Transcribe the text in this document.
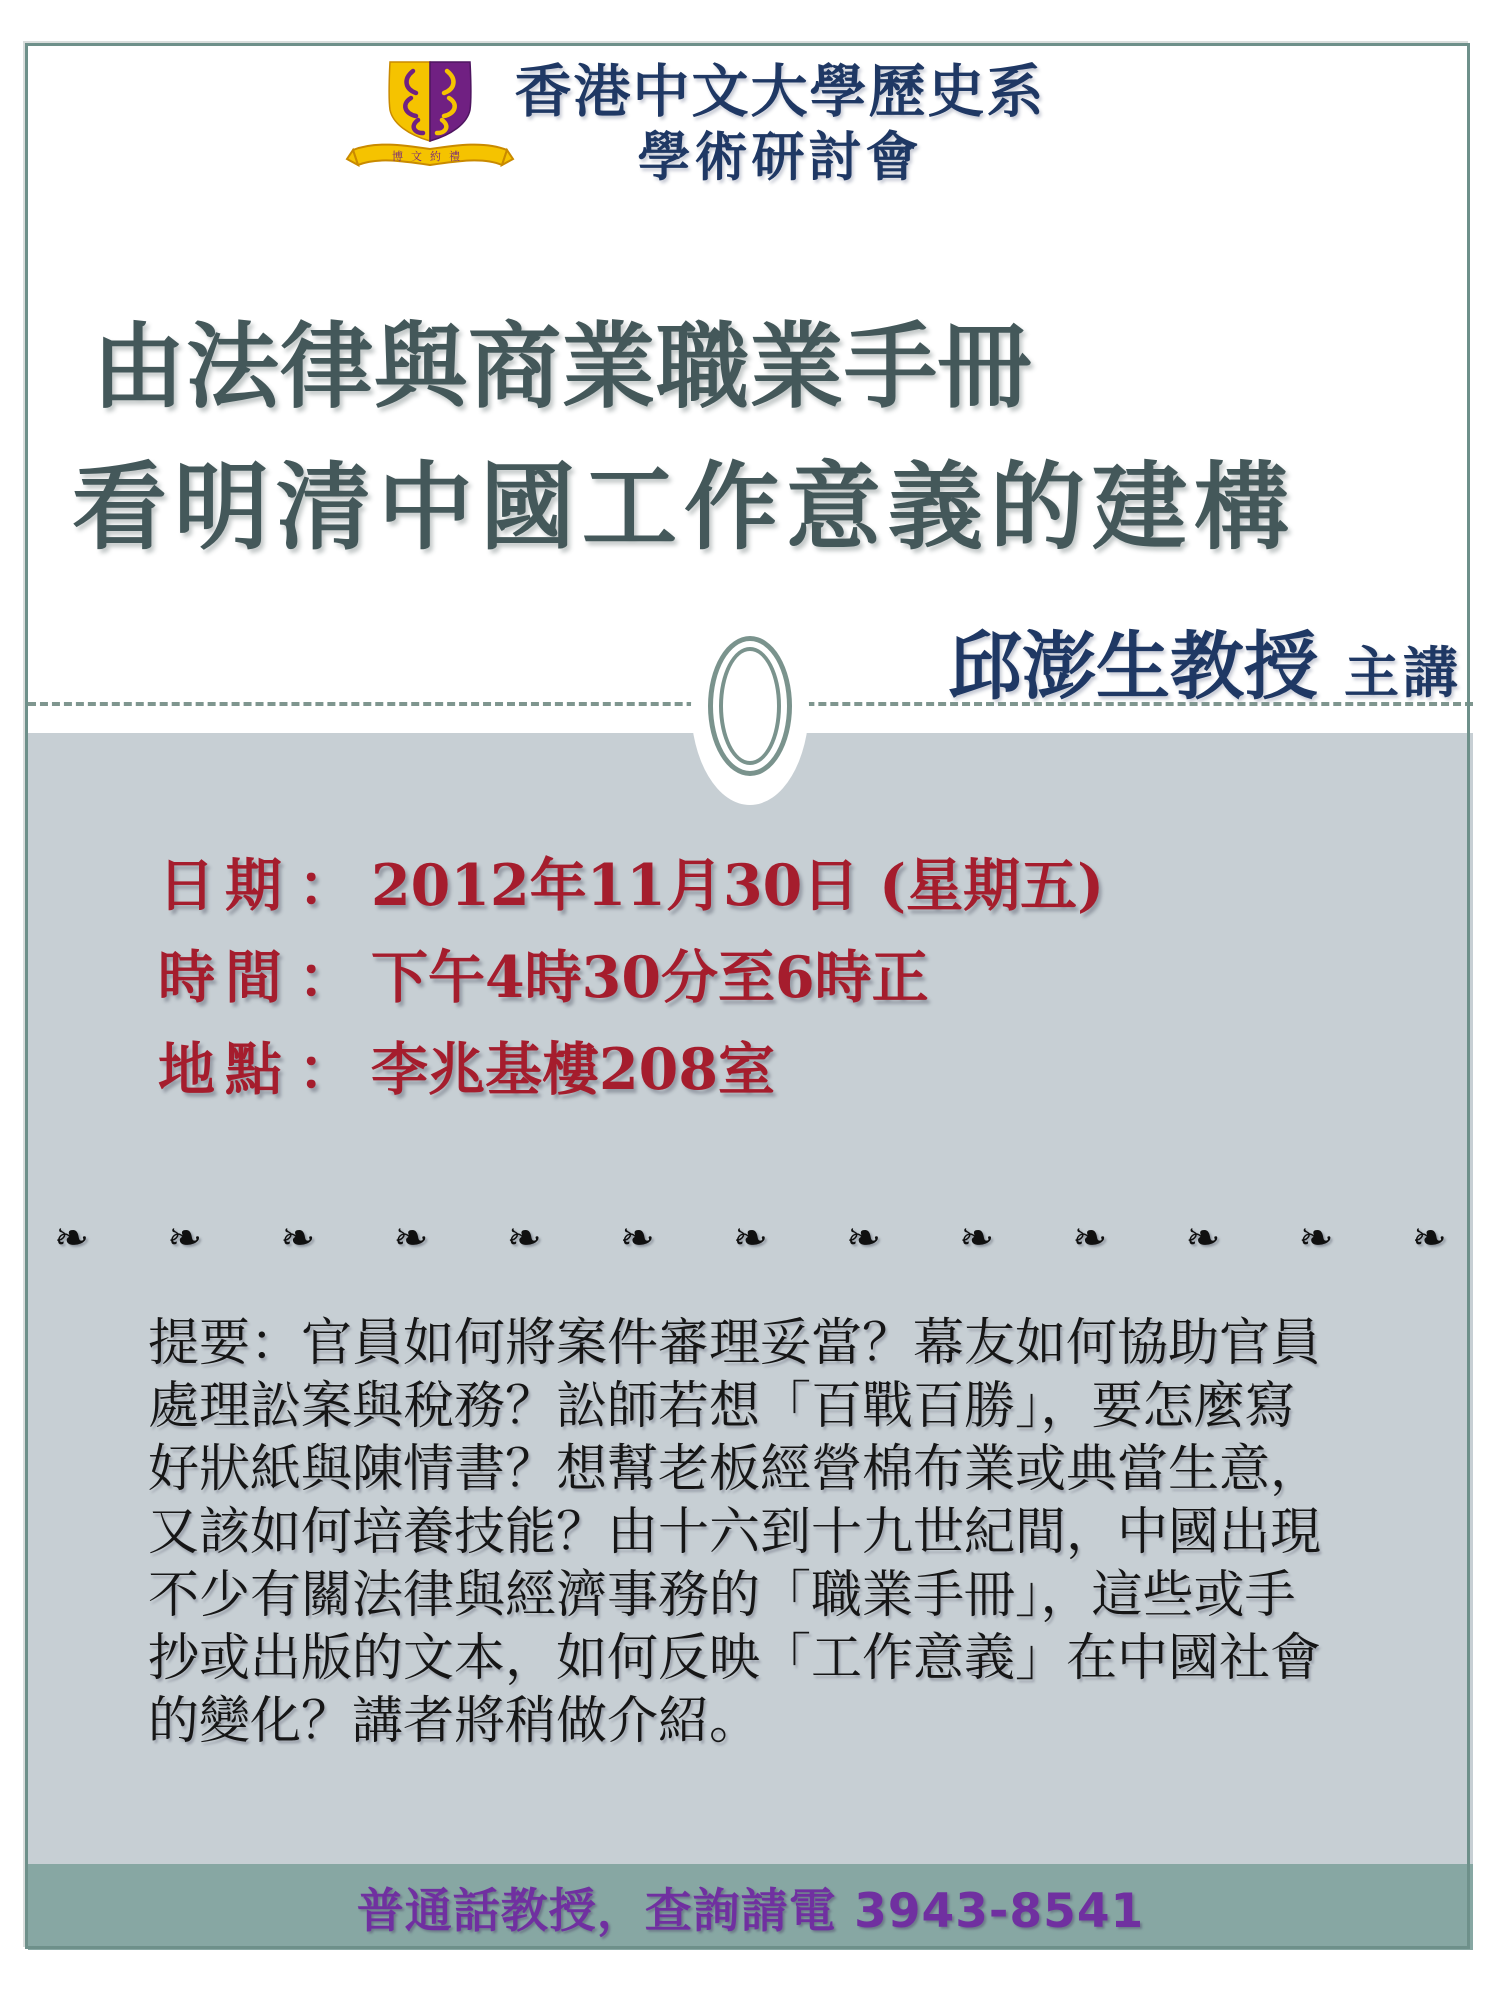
博文約禮
香港中文大學歷史系
學術研討會
由法律與商業職業手冊
看明清中國工作意義的建構
邱澎生教授 主講
日期 ： 2012年11月30日 (星期五)
時間 ： 下午4時30分至6時正
地點 ： 李兆基樓208室
❧ ❧ ❧ ❧ ❧ ❧ ❧ ❧ ❧ ❧ ❧ ❧ ❧
提要：官員如何將案件審理妥當？幕友如何協助官員
處理訟案與稅務？訟師若想「百戰百勝」，要怎麼寫
好狀紙與陳情書？想幫老板經營棉布業或典當生意，
又該如何培養技能？由十六到十九世紀間，中國出現
不少有關法律與經濟事務的「職業手冊」，這些或手
抄或出版的文本，如何反映「工作意義」在中國社會
的變化？講者將稍做介紹。
普通話教授，查詢請電 3943-8541
